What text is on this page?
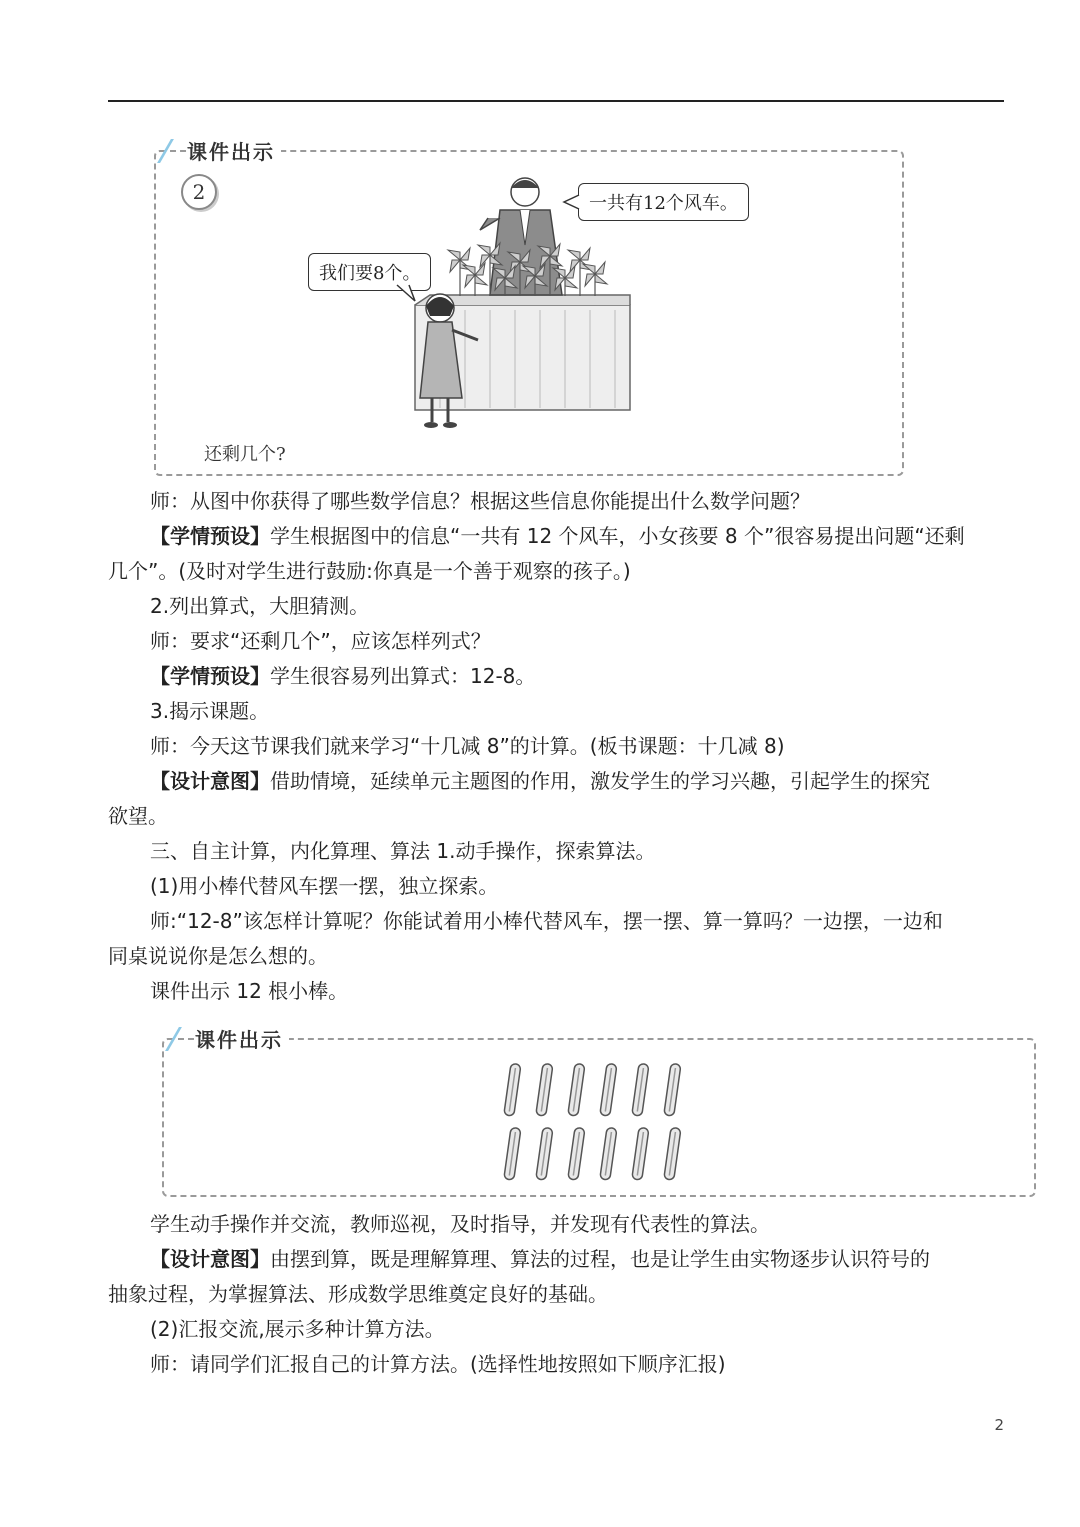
课件出示
2	一共有12个风车。
我们要8个。
还剩几个?
师：从图中你获得了哪些数学信息？根据这些信息你能提出什么数学问题？
【学情预设】学生根据图中的信息“一共有 12 个风车，小女孩要 8 个”很容易提出问题“还剩
几个”。(及时对学生进行鼓励:你真是一个善于观察的孩子。)
2.列出算式，大胆猜测。
师：要求“还剩几个”，应该怎样列式？
【学情预设】学生很容易列出算式：12-8。
3.揭示课题。
师：今天这节课我们就来学习“十几减 8”的计算。(板书课题：十几减 8)
【设计意图】借助情境，延续单元主题图的作用，激发学生的学习兴趣，引起学生的探究
欲望。
三、自主计算，内化算理、算法 1.动手操作，探索算法。
(1)用小棒代替风车摆一摆，独立探索。
师:“12-8”该怎样计算呢？你能试着用小棒代替风车，摆一摆、算一算吗？一边摆，一边和
同桌说说你是怎么想的。
课件出示 12 根小棒。
课件出示
学生动手操作并交流，教师巡视，及时指导，并发现有代表性的算法。
【设计意图】由摆到算，既是理解算理、算法的过程，也是让学生由实物逐步认识符号的
抽象过程，为掌握算法、形成数学思维奠定良好的基础。
(2)汇报交流,展示多种计算方法。
师：请同学们汇报自己的计算方法。(选择性地按照如下顺序汇报)
2
